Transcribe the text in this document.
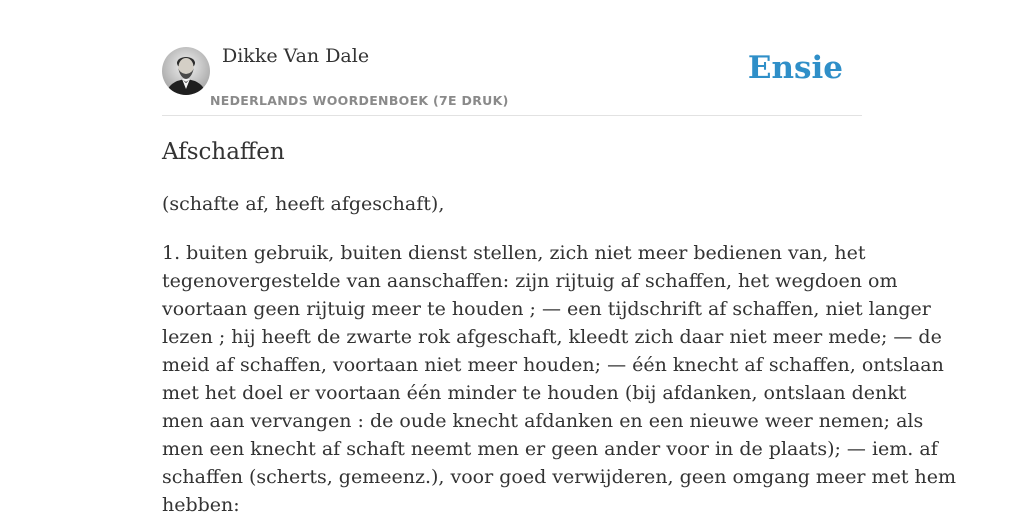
Dikke Van Dale
NEDERLANDS WOORDENBOEK (7E DRUK)
Ensie
Afschaffen

(schafte af, heeft afgeschaft),

1. buiten gebruik, buiten dienst stellen, zich niet meer bedienen van, het
tegenovergestelde van aanschaffen: zijn rijtuig af schaffen, het wegdoen om
voortaan geen rijtuig meer te houden ; — een tijdschrift af schaffen, niet langer
lezen ; hij heeft de zwarte rok afgeschaft, kleedt zich daar niet meer mede; — de
meid af schaffen, voortaan niet meer houden; — één knecht af schaffen, ontslaan
met het doel er voortaan één minder te houden (bij afdanken, ontslaan denkt
men aan vervangen : de oude knecht afdanken en een nieuwe weer nemen; als
men een knecht af schaft neemt men er geen ander voor in de plaats); — iem. af
schaffen (scherts, gemeenz.), voor goed verwijderen, geen omgang meer met hem
hebben:
